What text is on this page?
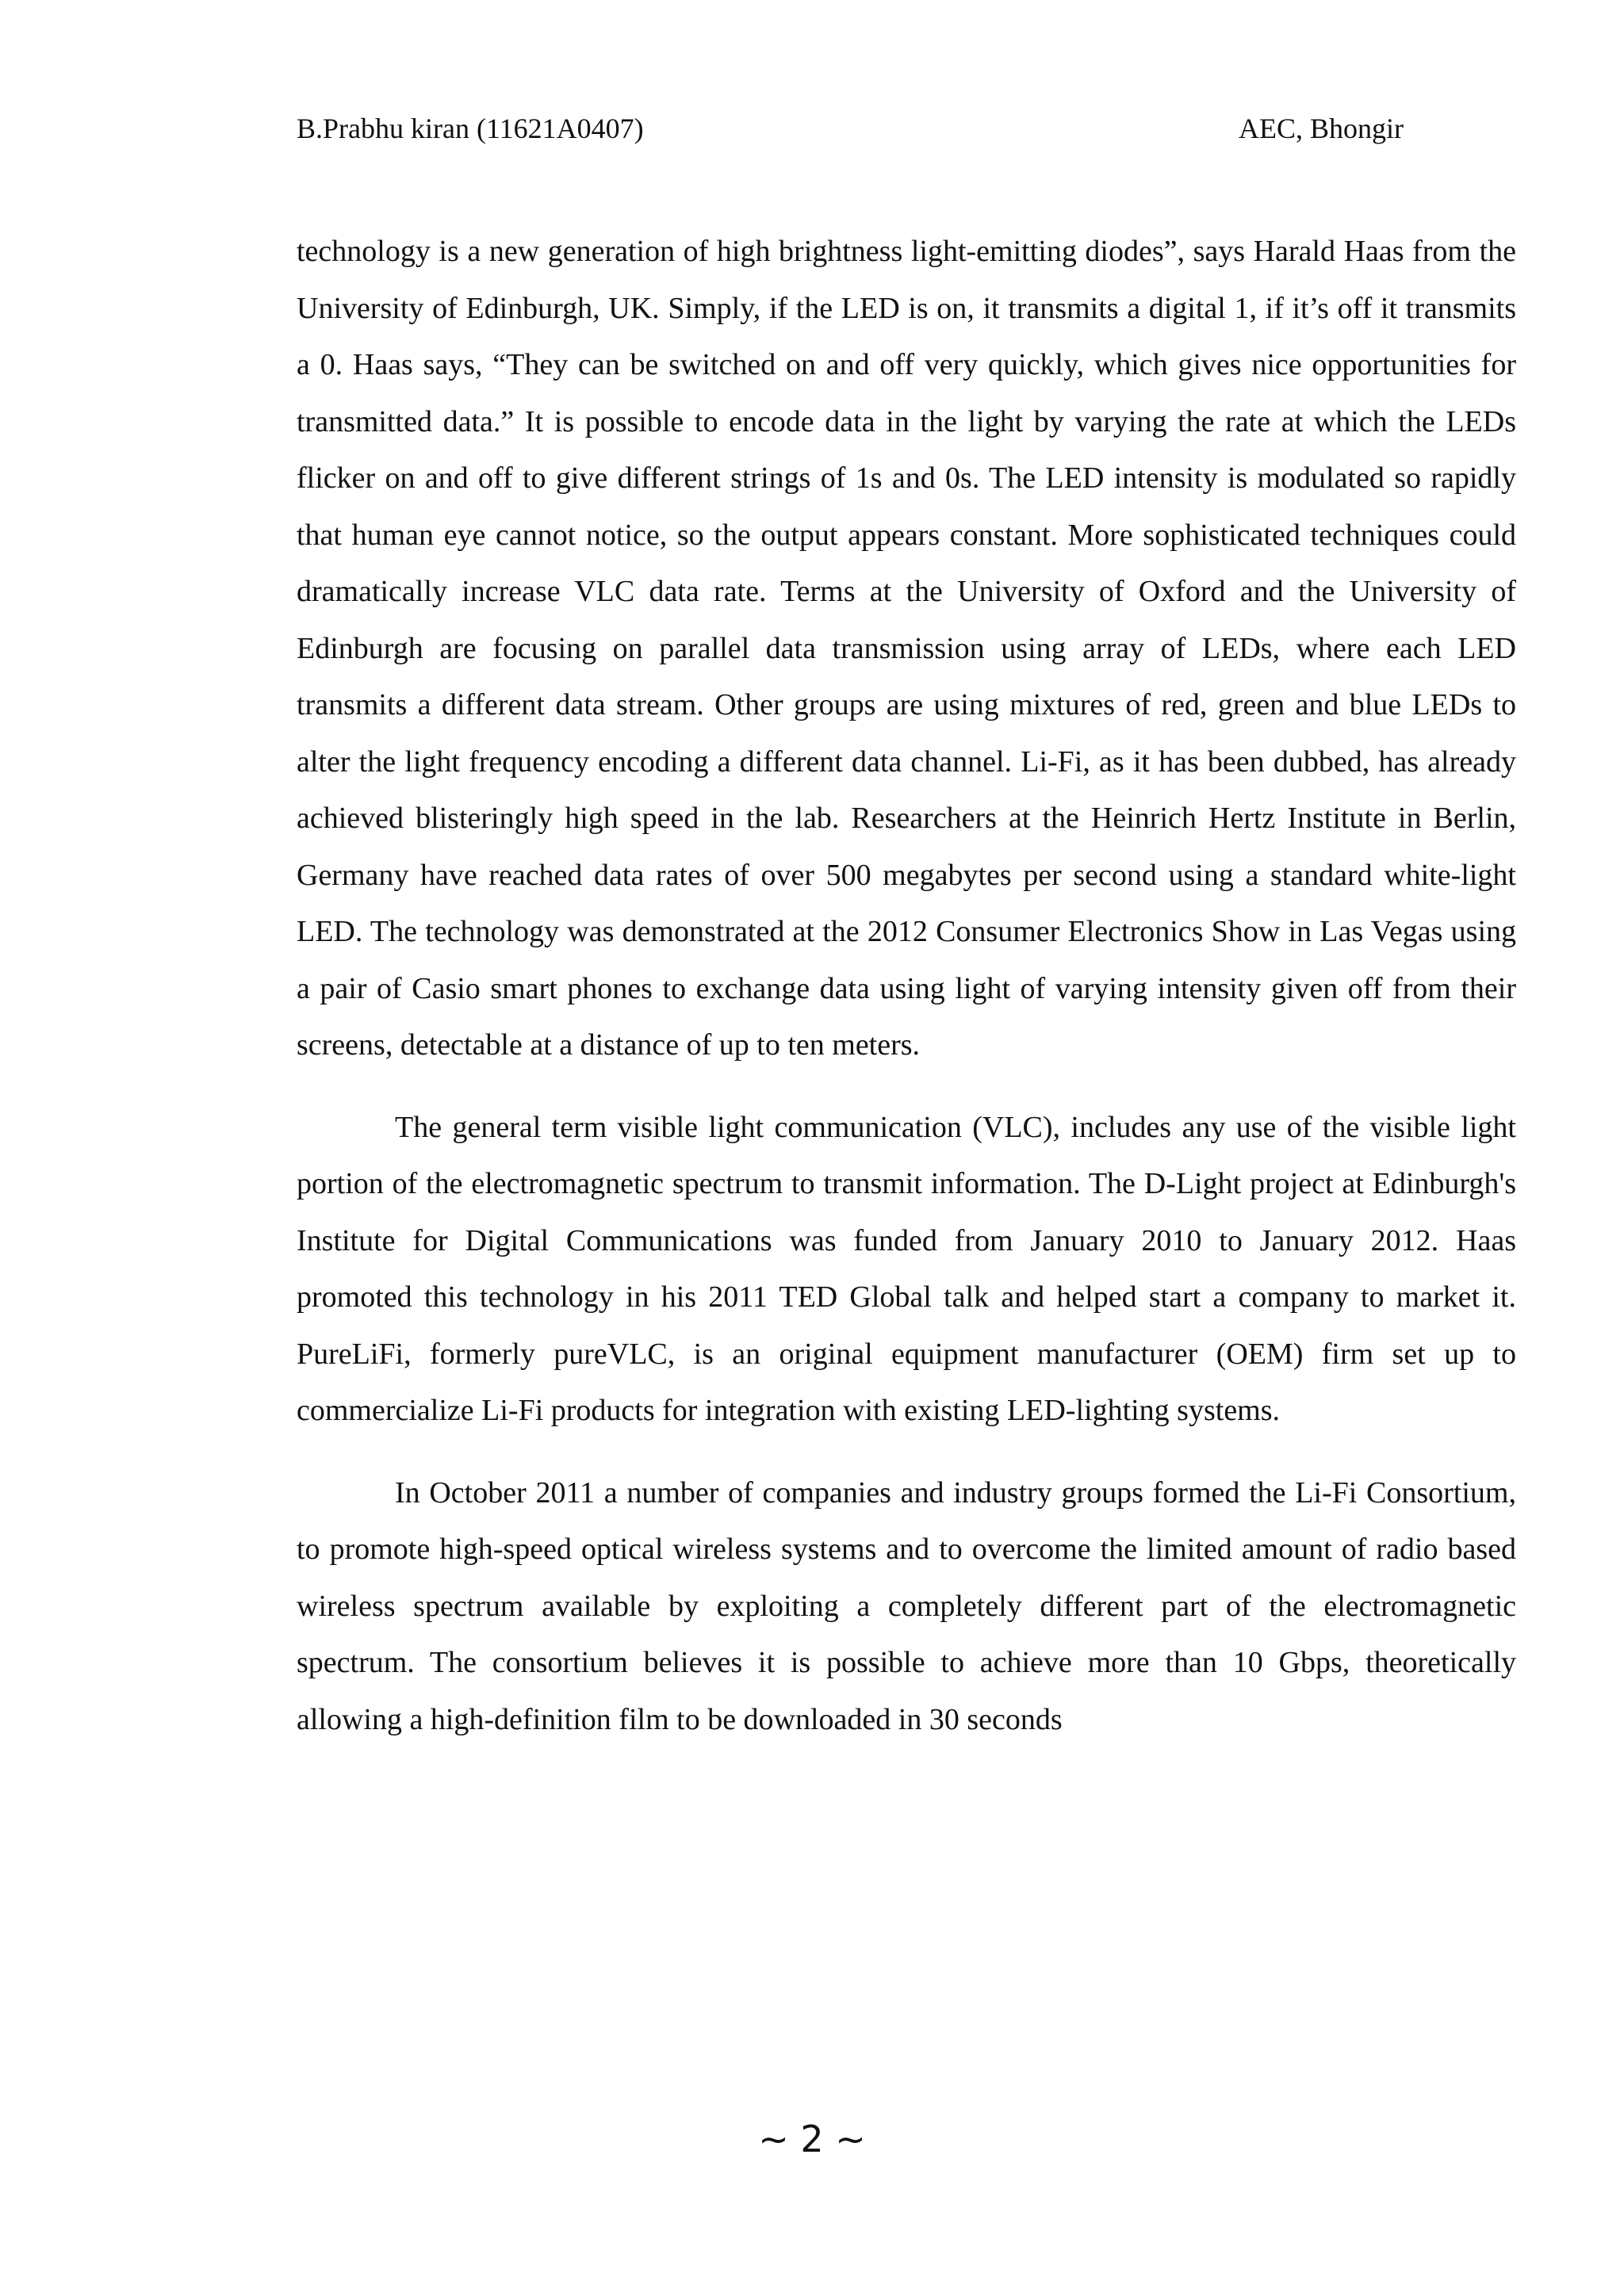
B.Prabhu kiran (11621A0407)	AEC, Bhongir

technology is a new generation of high brightness light-emitting diodes”, says Harald Haas from the University of Edinburgh, UK. Simply, if the LED is on, it transmits a digital 1, if it’s off it transmits a 0. Haas says, “They can be switched on and off very quickly, which gives nice opportunities for transmitted data.” It is possible to encode data in the light by varying the rate at which the LEDs flicker on and off to give different strings of 1s and 0s. The LED intensity is modulated so rapidly that human eye cannot notice, so the output appears constant. More sophisticated techniques could dramatically increase VLC data rate. Terms at the University of Oxford and the University of Edinburgh are focusing on parallel data transmission using array of LEDs, where each LED transmits a different data stream. Other groups are using mixtures of red, green and blue LEDs to alter the light frequency encoding a different data channel. Li-Fi, as it has been dubbed, has already achieved blisteringly high speed in the lab. Researchers at the Heinrich Hertz Institute in Berlin, Germany have reached data rates of over 500 megabytes per second using a standard white-light LED. The technology was demonstrated at the 2012 Consumer Electronics Show in Las Vegas using a pair of Casio smart phones to exchange data using light of varying intensity given off from their screens, detectable at a distance of up to ten meters.

The general term visible light communication (VLC), includes any use of the visible light portion of the electromagnetic spectrum to transmit information. The D-Light project at Edinburgh's Institute for Digital Communications was funded from January 2010 to January 2012. Haas promoted this technology in his 2011 TED Global talk and helped start a company to market it. PureLiFi, formerly pureVLC, is an original equipment manufacturer (OEM) firm set up to commercialize Li-Fi products for integration with existing LED-lighting systems.

In October 2011 a number of companies and industry groups formed the Li-Fi Consortium, to promote high-speed optical wireless systems and to overcome the limited amount of radio based wireless spectrum available by exploiting a completely different part of the electromagnetic spectrum. The consortium believes it is possible to achieve more than 10 Gbps, theoretically allowing a high-definition film to be downloaded in 30 seconds

~ 2 ~
